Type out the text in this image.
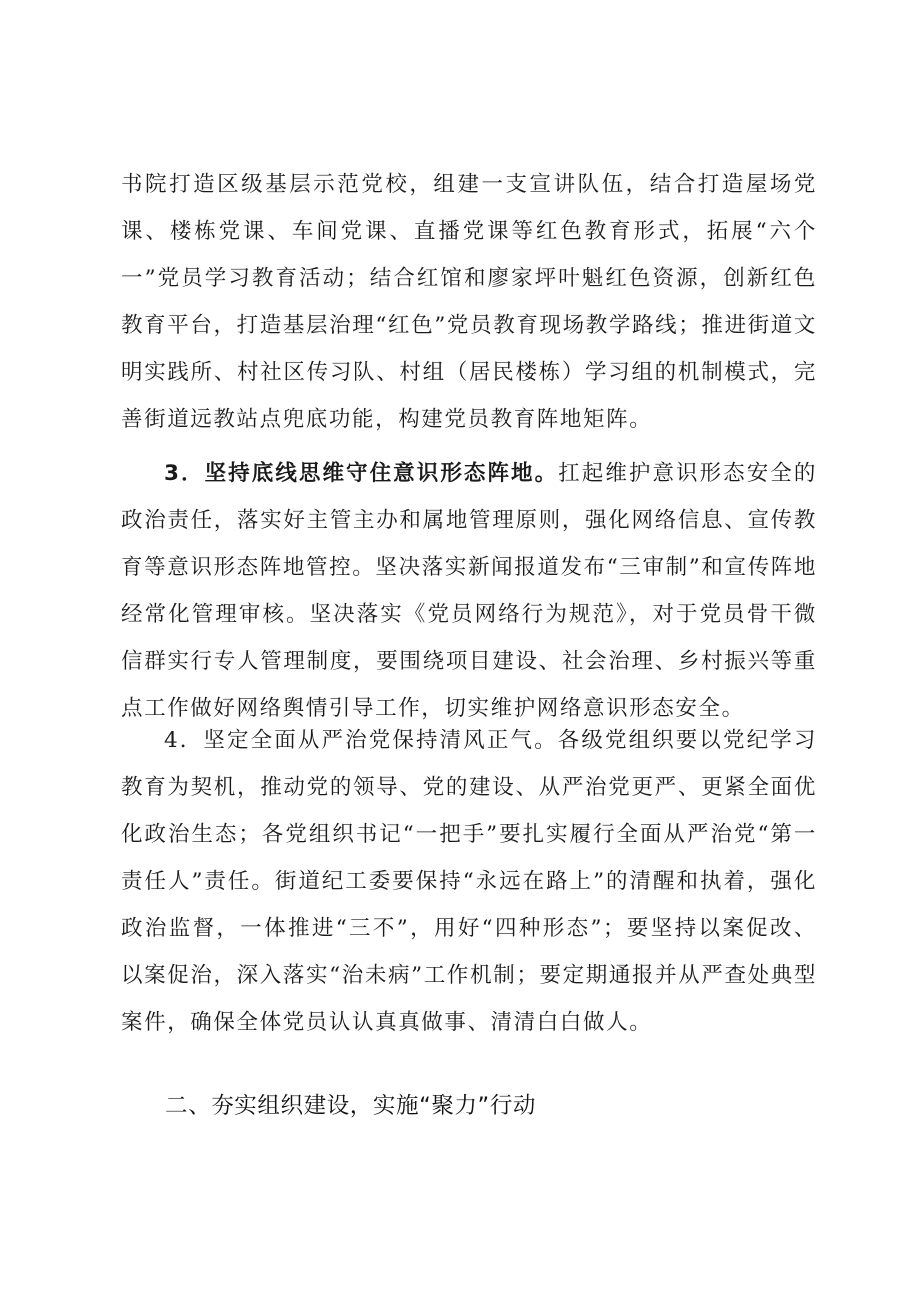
书院打造区级基层示范党校，组建一支宣讲队伍，结合打造屋场党课、楼栋党课、车间党课、直播党课等红色教育形式，拓展“六个一”党员学习教育活动；结合红馆和廖家坪叶魁红色资源，创新红色教育平台，打造基层治理“红色”党员教育现场教学路线；推进街道文明实践所、村社区传习队、村组（居民楼栋）学习组的机制模式，完善街道远教站点兜底功能，构建党员教育阵地矩阵。

3．坚持底线思维守住意识形态阵地。扛起维护意识形态安全的政治责任，落实好主管主办和属地管理原则，强化网络信息、宣传教育等意识形态阵地管控。坚决落实新闻报道发布“三审制”和宣传阵地经常化管理审核。坚决落实《党员网络行为规范》，对于党员骨干微信群实行专人管理制度，要围绕项目建设、社会治理、乡村振兴等重点工作做好网络舆情引导工作，切实维护网络意识形态安全。

4．坚定全面从严治党保持清风正气。各级党组织要以党纪学习教育为契机，推动党的领导、党的建设、从严治党更严、更紧全面优化政治生态；各党组织书记“一把手”要扎实履行全面从严治党“第一责任人”责任。街道纪工委要保持“永远在路上”的清醒和执着，强化政治监督，一体推进“三不”，用好“四种形态”；要坚持以案促改、以案促治，深入落实“治未病”工作机制；要定期通报并从严查处典型案件，确保全体党员认认真真做事、清清白白做人。

二、夯实组织建设，实施“聚力”行动
